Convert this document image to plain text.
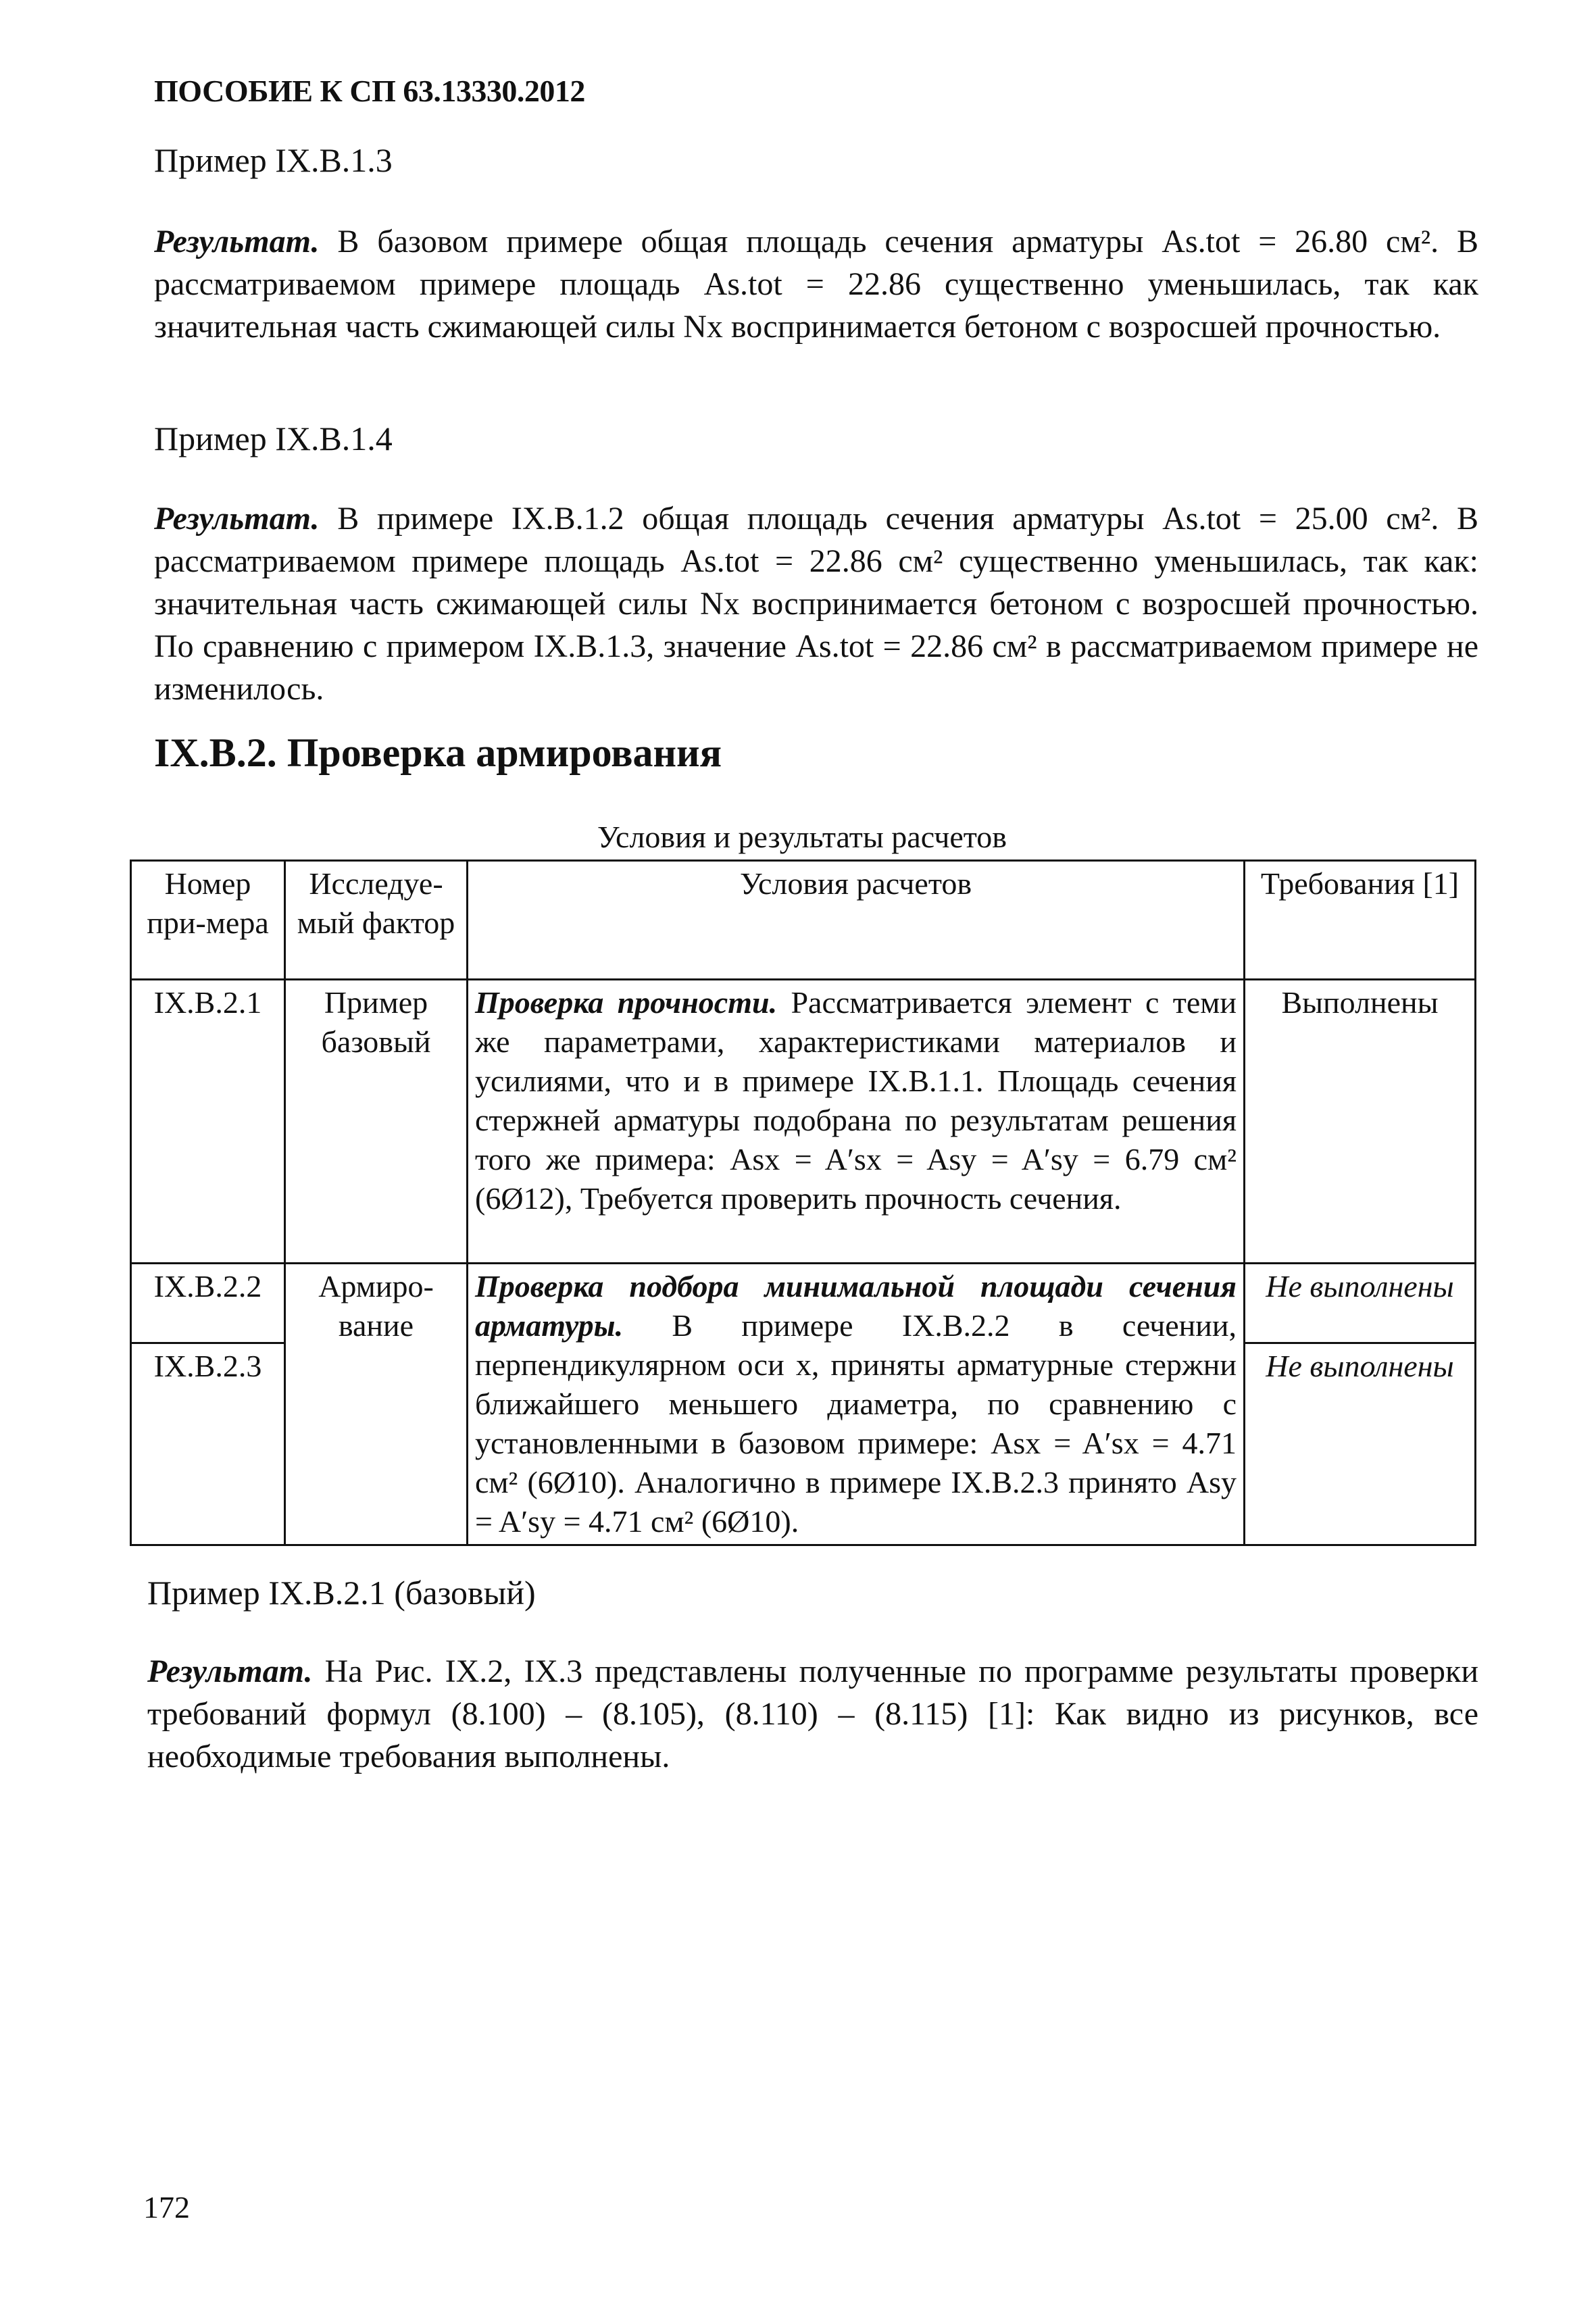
ПОСОБИЕ К СП 63.13330.2012
Пример IX.B.1.3
Результат. В базовом примере общая площадь сечения арматуры As.tot = 26.80 см². В рассматриваемом примере площадь As.tot = 22.86 существенно уменьшилась, так как значительная часть сжимающей силы Nx воспринимается бетоном с возросшей прочностью.
Пример IX.B.1.4
Результат. В примере IX.B.1.2 общая площадь сечения арматуры As.tot = 25.00 см². В рассматриваемом примере площадь As.tot = 22.86 см² существенно уменьшилась, так как: значительная часть сжимающей силы Nx воспринимается бетоном с возросшей прочностью. По сравнению с примером IX.B.1.3, значение As.tot = 22.86 см² в рассматриваемом примере не изменилось.
IX.B.2. Проверка армирования
Условия и результаты расчетов
Номер при-мера	Исследуе-мый фактор	Условия расчетов	Требования [1]
IX.B.2.1	Пример базовый	Проверка прочности. Рассматривается элемент с теми же параметрами, характеристиками материалов и усилиями, что и в примере IX.B.1.1. Площадь сечения стержней арматуры подобрана по результатам решения того же примера: Asx = A′sx = Asy = A′sy = 6.79 см² (6Ø12), Требуется проверить прочность сечения.	Выполнены
IX.B.2.2	Армиро-вание	Проверка подбора минимальной площади сечения арматуры. В примере IX.B.2.2 в сечении, перпендикулярном оси x, приняты арматурные стержни ближайшего меньшего диаметра, по сравнению с установленными в базовом примере: Asx = A′sx = 4.71 см² (6Ø10). Аналогично в примере IX.B.2.3 принято Asy = A′sy = 4.71 см² (6Ø10).	Не выполнены
IX.B.2.3			Не выполнены
Пример IX.B.2.1 (базовый)
Результат. На Рис. IX.2, IX.3 представлены полученные по программе результаты проверки требований формул (8.100) – (8.105), (8.110) – (8.115) [1]: Как видно из рисунков, все необходимые требования выполнены.
172
